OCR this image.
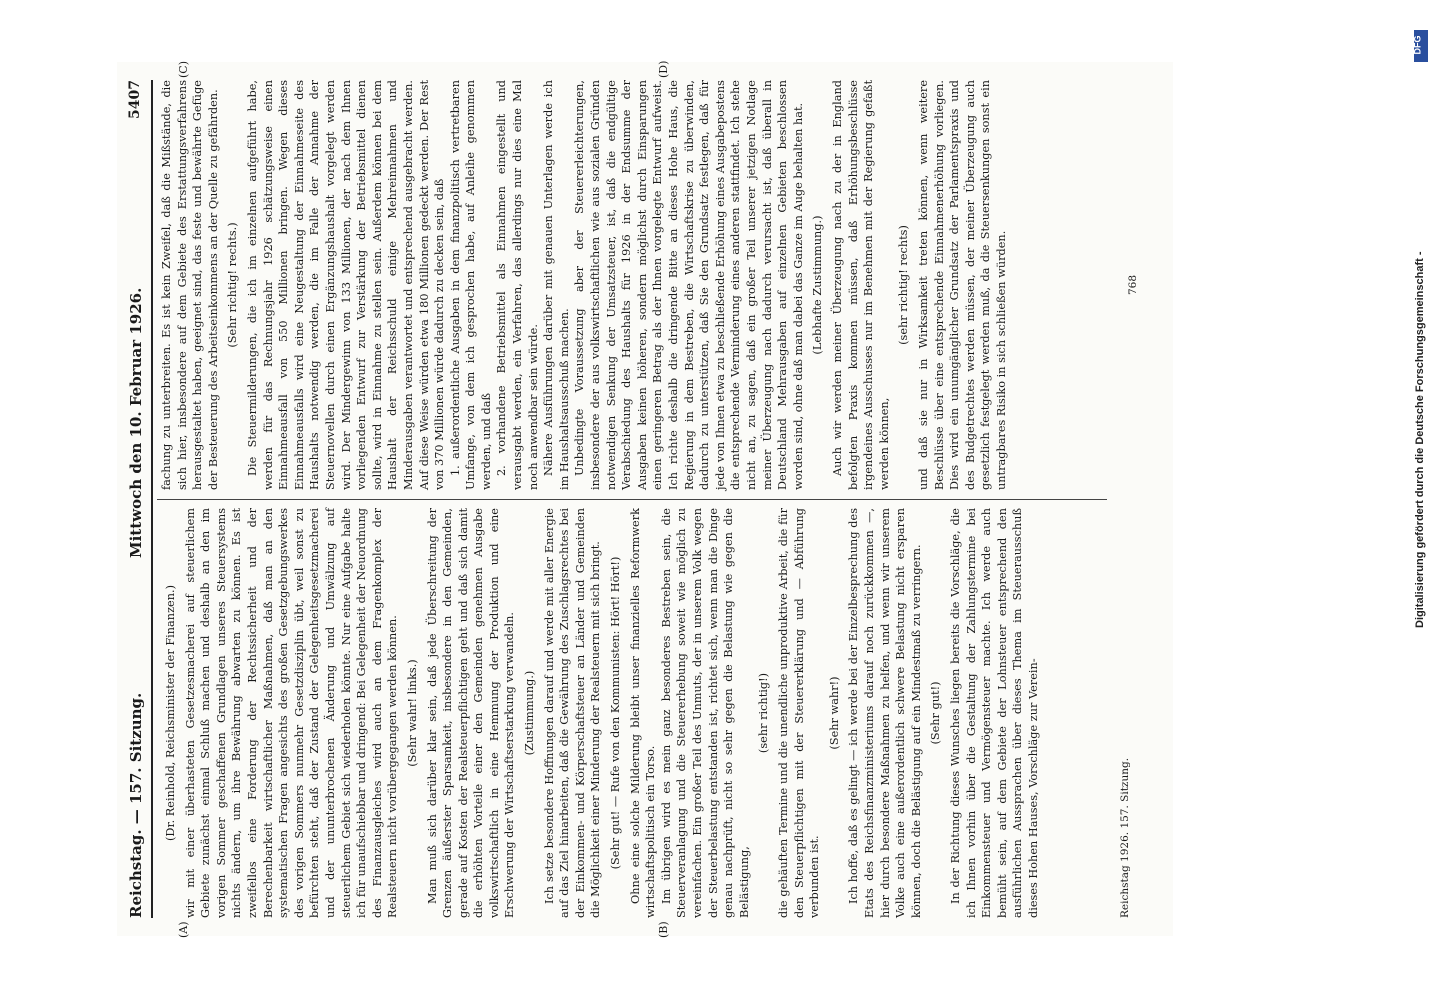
Reichstag. — 157. Sitzung.
Mittwoch den 10. Februar 1926.
5407

(Dr. Reinhold, Reichsminister der Finanzen.) wir mit einer überhasteten Gesetzesmacherei auf steuerlichem Gebiete zunächst einmal Schluß machen und deshalb an den im vorigen Sommer geschaffenen Grundlagen unseres Steuersystems nichts ändern, um ihre Bewährung abwarten zu können. Es ist zweifellos eine Forderung der Rechtssicherheit und der Berechenbarkeit wirtschaftlicher Maßnahmen, daß man an den systematischen Fragen angesichts des großen Gesetzgebungswerkes des vorigen Sommers nunmehr Gesetzdisziplin übt, weil sonst zu befürchten steht, daß der Zustand der Gelegenheitsgesetzmacherei und der ununterbrochenen Änderung und Umwälzung auf steuerlichem Gebiet sich wiederholen könnte. Nur eine Aufgabe halte ich für unaufschiebbar und dringend: Bei Gelegenheit der Neuordnung des Finanzausgleiches wird auch an dem Fragenkomplex der Realsteuern nicht vorübergegangen werden können. (Sehr wahr! links.) Man muß sich darüber klar sein, daß jede Überschreitung der Grenzen äußerster Sparsamkeit, insbesondere in den Gemeinden, gerade auf Kosten der Realsteuerpflichtigen geht und daß sich damit die erhöhten Vorteile einer den Gemeinden genehmen Ausgabe volkswirtschaftlich in eine Hemmung der Produktion und eine Erschwerung der Wirtschaftserstarkung verwandeln. (Zustimmung.) Ich setze besondere Hoffnungen darauf und werde mit aller Energie auf das Ziel hinarbeiten, daß die Gewährung des Zuschlagsrechtes bei der Einkommen- und Körperschaftsteuer an Länder und Gemeinden die Möglichkeit einer Minderung der Realsteuern mit sich bringt. (Sehr gut! — Rufe von den Kommunisten: Hört! Hört!) Ohne eine solche Milderung bleibt unser finanzielles Reformwerk wirtschaftspolitisch ein Torso. Im übrigen wird es mein ganz besonderes Bestreben sein, die Steuerveranlagung und die Steuererhebung soweit wie möglich zu vereinfachen. Ein großer Teil des Unmuts, der in unserem Volk wegen der Steuerbelastung entstanden ist, richtet sich, wenn man die Dinge genau nachprüft, nicht so sehr gegen die Belastung wie gegen die Belästigung,

(sehr richtig!) die gehäuften Termine und die unendliche unproduktive Arbeit, die für den Steuerpflichtigen mit der Steuererklärung und — Abführung verbunden ist.

(Sehr wahr!) Ich hoffe, daß es gelingt — ich werde bei der Einzelbesprechung des Etats des Reichsfinanzministeriums darauf noch zurückkommen —, hier durch besondere Maßnahmen zu helfen, und wenn wir unserem Volke auch eine außerordentlich schwere Belastung nicht ersparen können, doch die Belästigung auf ein Mindestmaß zu verringern. (Sehr gut!) In der Richtung dieses Wunsches liegen bereits die Vorschläge, die ich Ihnen vorhin über die Gestaltung der Zahlungstermine bei Einkommensteuer und Vermögensteuer machte. Ich werde auch bemüht sein, auf dem Gebiete der Lohnsteuer entsprechend den ausführlichen Aussprachen über dieses Thema im Steuerausschuß dieses Hohen Hauses, Vorschläge zur Verein-

fachung zu unterbreiten. Es ist kein Zweifel, daß die Mißstände, die sich hier, insbesondere auf dem Gebiete des Erstattungsverfahrens herausgestaltet haben, geeignet sind, das feste und bewährte Gefüge der Besteuerung des Arbeitseinkommens an der Quelle zu gefährden. (Sehr richtig! rechts.) Die Steuermilderungen, die ich im einzelnen aufgeführt habe, werden für das Rechnungsjahr 1926 schätzungsweise einen Einnahmeausfall von 550 Millionen bringen. Wegen dieses Einnahmeausfalls wird eine Neugestaltung der Einnahmeseite des Haushalts notwendig werden, die im Falle der Annahme der Steuernovellen durch einen Ergänzungshaushalt vorgelegt werden wird. Der Mindergewinn von 133 Millionen, der nach dem Ihnen vorliegenden Entwurf zur Verstärkung der Betriebsmittel dienen sollte, wird in Einnahme zu stellen sein. Außerdem können bei dem Haushalt der Reichsschuld einige Mehreinnahmen und Minderausgaben verantwortet und entsprechend ausgebracht werden. Auf diese Weise würden etwa 180 Millionen gedeckt werden. Der Rest von 370 Millionen würde dadurch zu decken sein, daß 1. außerordentliche Ausgaben in dem finanzpolitisch vertretbaren Umfange, von dem ich gesprochen habe, auf Anleihe genommen werden, und daß 2. vorhandene Betriebsmittel als Einnahmen eingestellt und verausgabt werden, ein Verfahren, das allerdings nur dies eine Mal noch anwendbar sein würde. Nähere Ausführungen darüber mit genauen Unterlagen werde ich im Haushaltsausschuß machen. Unbedingte Voraussetzung aber der Steuererleichterungen, insbesondere der aus volkswirtschaftlichen wie aus sozialen Gründen notwendigen Senkung der Umsatzsteuer, ist, daß die endgültige Verabschiedung des Haushalts für 1926 in der Endsumme der Ausgaben keinen höheren, sondern möglichst durch Einsparungen einen geringeren Betrag als der Ihnen vorgelegte Entwurf aufweist. Ich richte deshalb die dringende Bitte an dieses Hohe Haus, die Regierung in dem Bestreben, die Wirtschaftskrise zu überwinden, dadurch zu unterstützen, daß Sie den Grundsatz festlegen, daß für jede von Ihnen etwa zu beschließende Erhöhung eines Ausgabepostens die entsprechende Verminderung eines anderen stattfindet. Ich stehe nicht an, zu sagen, daß ein großer Teil unserer jetzigen Notlage meiner Überzeugung nach dadurch verursacht ist, daß überall in Deutschland Mehrausgaben auf einzelnen Gebieten beschlossen worden sind, ohne daß man dabei das Ganze im Auge behalten hat. (Lebhafte Zustimmung.) Auch wir werden meiner Überzeugung nach zu der in England befolgten Praxis kommen müssen, daß Erhöhungsbeschlüsse irgendeines Ausschusses nur im Benehmen mit der Regierung gefaßt werden können,

(sehr richtig! rechts) und daß sie nur in Wirksamkeit treten können, wenn weitere Beschlüsse über eine entsprechende Einnahmenerhöhung vorliegen. Dies wird ein unumgänglicher Grundsatz der Parlamentspraxis und des Budgetrechtes werden müssen, der meiner Überzeugung auch gesetzlich festgelegt werden muß, da die Steuersenkungen sonst ein untragbares Risiko in sich schließen würden.

(A)	(B)
(C)	(D)
Reichstag 1926. 157. Sitzung.
768
DFG
Digitalisierung gefördert durch die Deutsche Forschungsgemeinschaft -
